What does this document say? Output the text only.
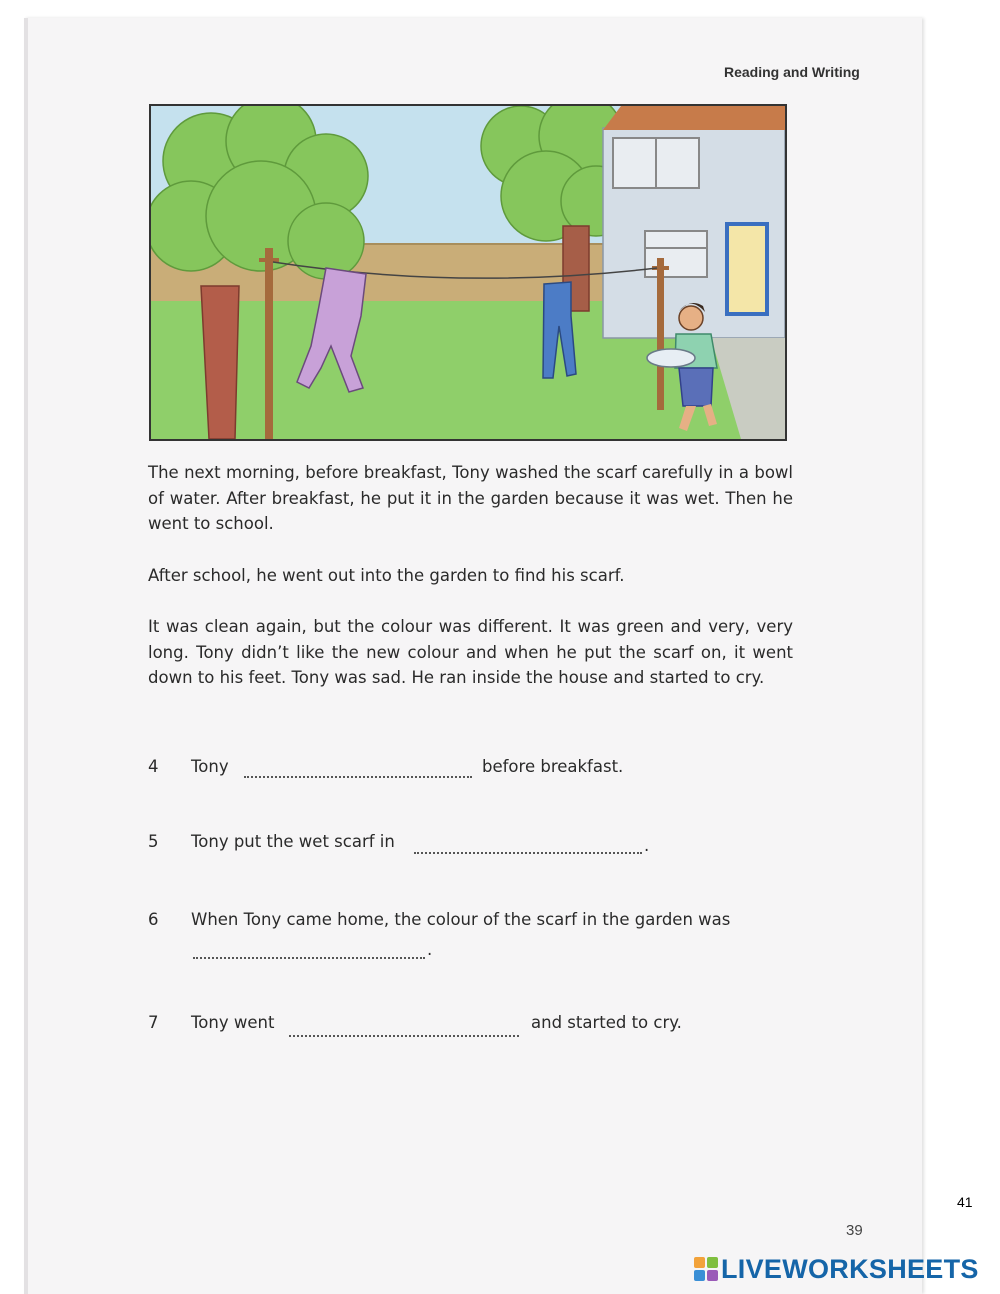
Reading and Writing

The next morning, before breakfast, Tony washed the scarf carefully in a bowl of water. After breakfast, he put it in the garden because it was wet. Then he went to school.

After school, he went out into the garden to find his scarf.

It was clean again, but the colour was different. It was green and very, very long. Tony didn’t like the new colour and when he put the scarf on, it went down to his feet. Tony was sad. He ran inside the house and started to cry.

4 Tony	before breakfast.
5 Tony put the wet scarf in	.
6 When Tony came home, the colour of the scarf in the garden was
.
7 Tony went	and started to cry.
41
39
LIVEWORKSHEETS
